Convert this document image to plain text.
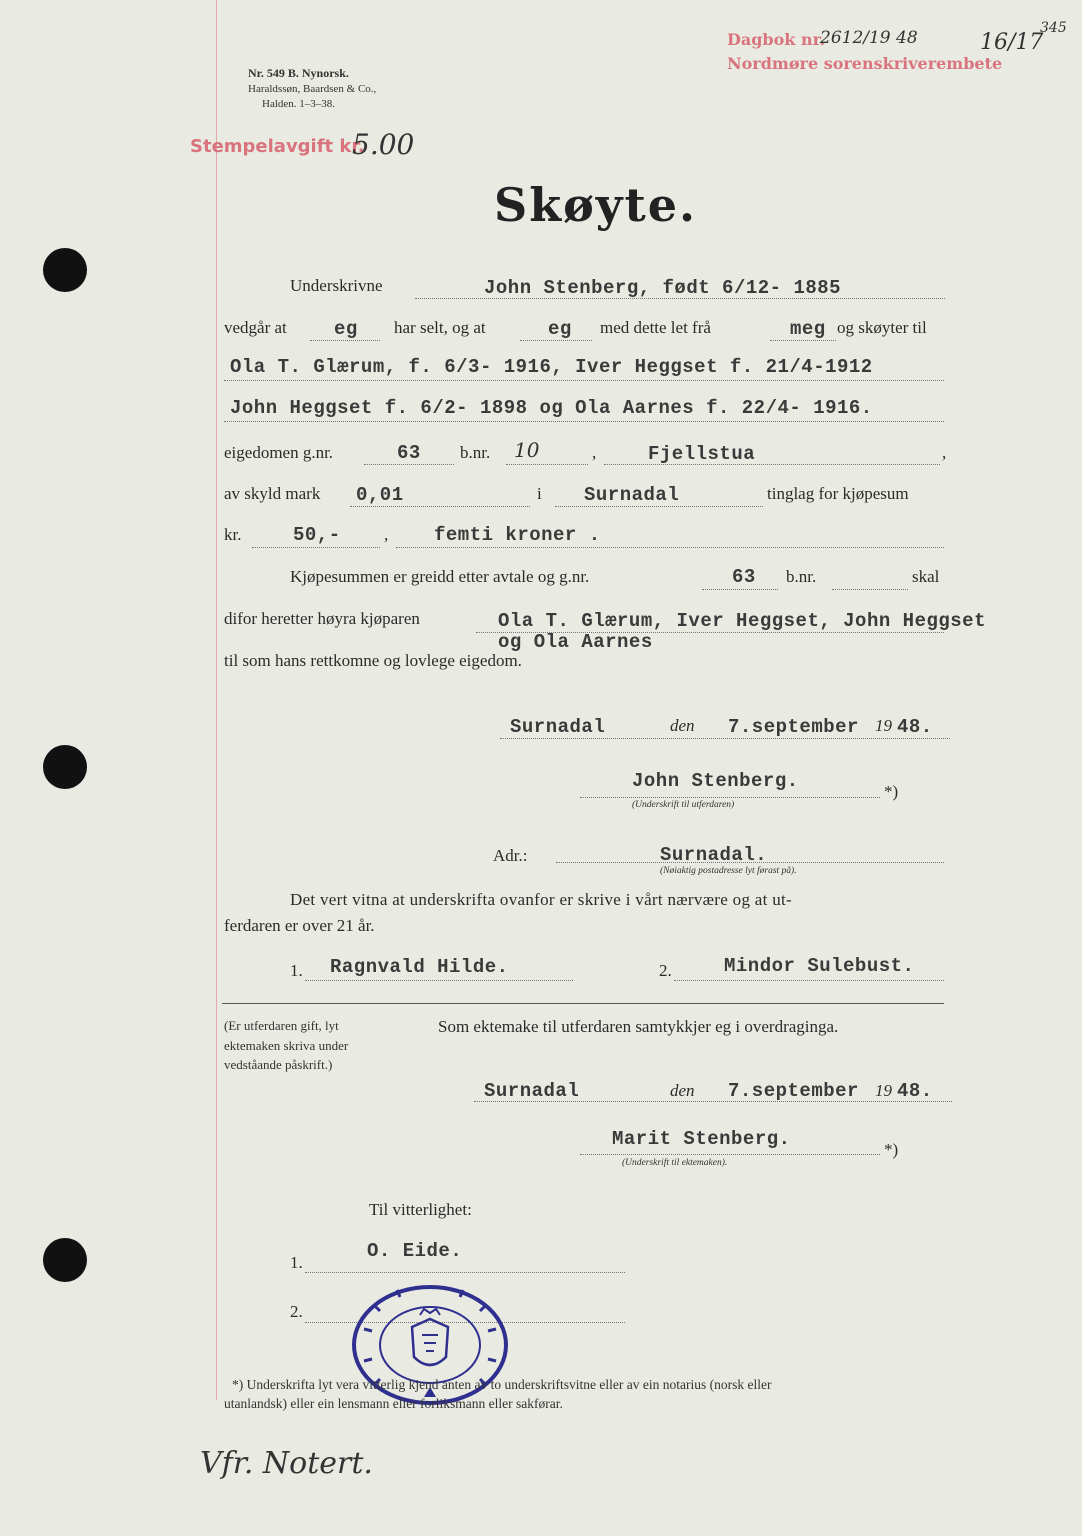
Nr. 549 B. Nynorsk.
Haraldssøn, Baardsen & Co.,
Halden. 1–3–38.
Stempelavgift kr.
5.00
Dagbok nr.
2612/19 48
Nordmøre sorenskriverembete
16/17
345
Skøyte.
Underskrivne	John Stenberg, født 6/12- 1885
vedgår at eg har selt, og at	eg med dette let frå	meg og skøyter til
Ola T. Glærum, f. 6/3- 1916, Iver Heggset f. 21/4-1912
John Heggset f. 6/2- 1898 og Ola Aarnes f. 22/4- 1916.
eigedomen g.nr.	63 b.nr. 10	,	Fjellstua	,
av skyld mark 0,01	i Surnadal	tinglag for kjøpesum
kr.	50,-	, femti kroner .
Kjøpesummen er greidd etter avtale og g.nr.	63 b.nr.	skal
difor heretter høyra kjøparen	Ola T. Glærum, Iver Heggset, John Heggset
og Ola Aarnes
til som hans rettkomne og lovlege eigedom.
Surnadal	den 7.september 19 48.
John Stenberg.	*)
(Underskrift til utferdaren)
Adr.:	Surnadal.
(Nøiaktig postadresse lyt førast på).
Det vert vitna at underskrifta ovanfor er skrive i vårt nærvære og at ut-
ferdaren er over 21 år.
1. Ragnvald Hilde.	2.	Mindor Sulebust.
(Er utferdaren gift, lyt
ektemaken skriva under
vedståande påskrift.)
Som ektemake til utferdaren samtykkjer eg i overdraginga.
Surnadal	den 7.september 19 48.
Marit Stenberg.	*)
(Underskrift til ektemaken).
Til vitterlighet:
1.
O. Eide.
2.
*) Underskrifta lyt vera vitterlig kjend anten av to underskriftsvitne eller av ein notarius (norsk eller
utanlandsk) eller ein lensmann eller forliksmann eller sakførar.
Vfr. Notert.
